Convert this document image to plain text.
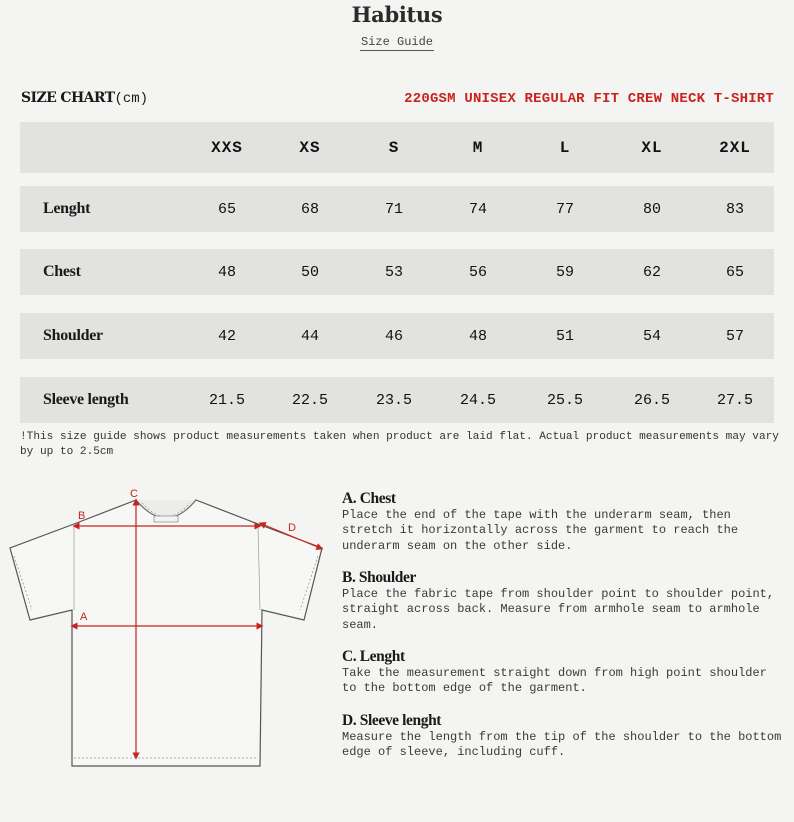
Habitus
Size Guide
SIZE CHART(cm)	220GSM UNISEX REGULAR FIT CREW NECK T-SHIRT
XXS	XS	S	M	L	XL	2XL
Lenght	65	68	71	74	77	80	83
Chest	48	50	53	56	59	62	65
Shoulder	42	44	46	48	51	54	57
Sleeve length	21.5	22.5	23.5	24.5	25.5	26.5	27.5
!This size guide shows product measurements taken when product are laid flat. Actual product measurements may vary by up to 2.5cm
A
B
C
D
A. Chest
Place the end of the tape with the underarm seam, then stretch it horizontally across the garment to reach the underarm seam on the other side.
B. Shoulder
Place the fabric tape from shoulder point to shoulder point, straight across back. Measure from armhole seam to armhole seam.
C. Lenght
Take the measurement straight down from high point shoulder to the bottom edge of the garment.
D. Sleeve lenght
Measure the length from the tip of the shoulder to the bottom edge of sleeve, including cuff.
